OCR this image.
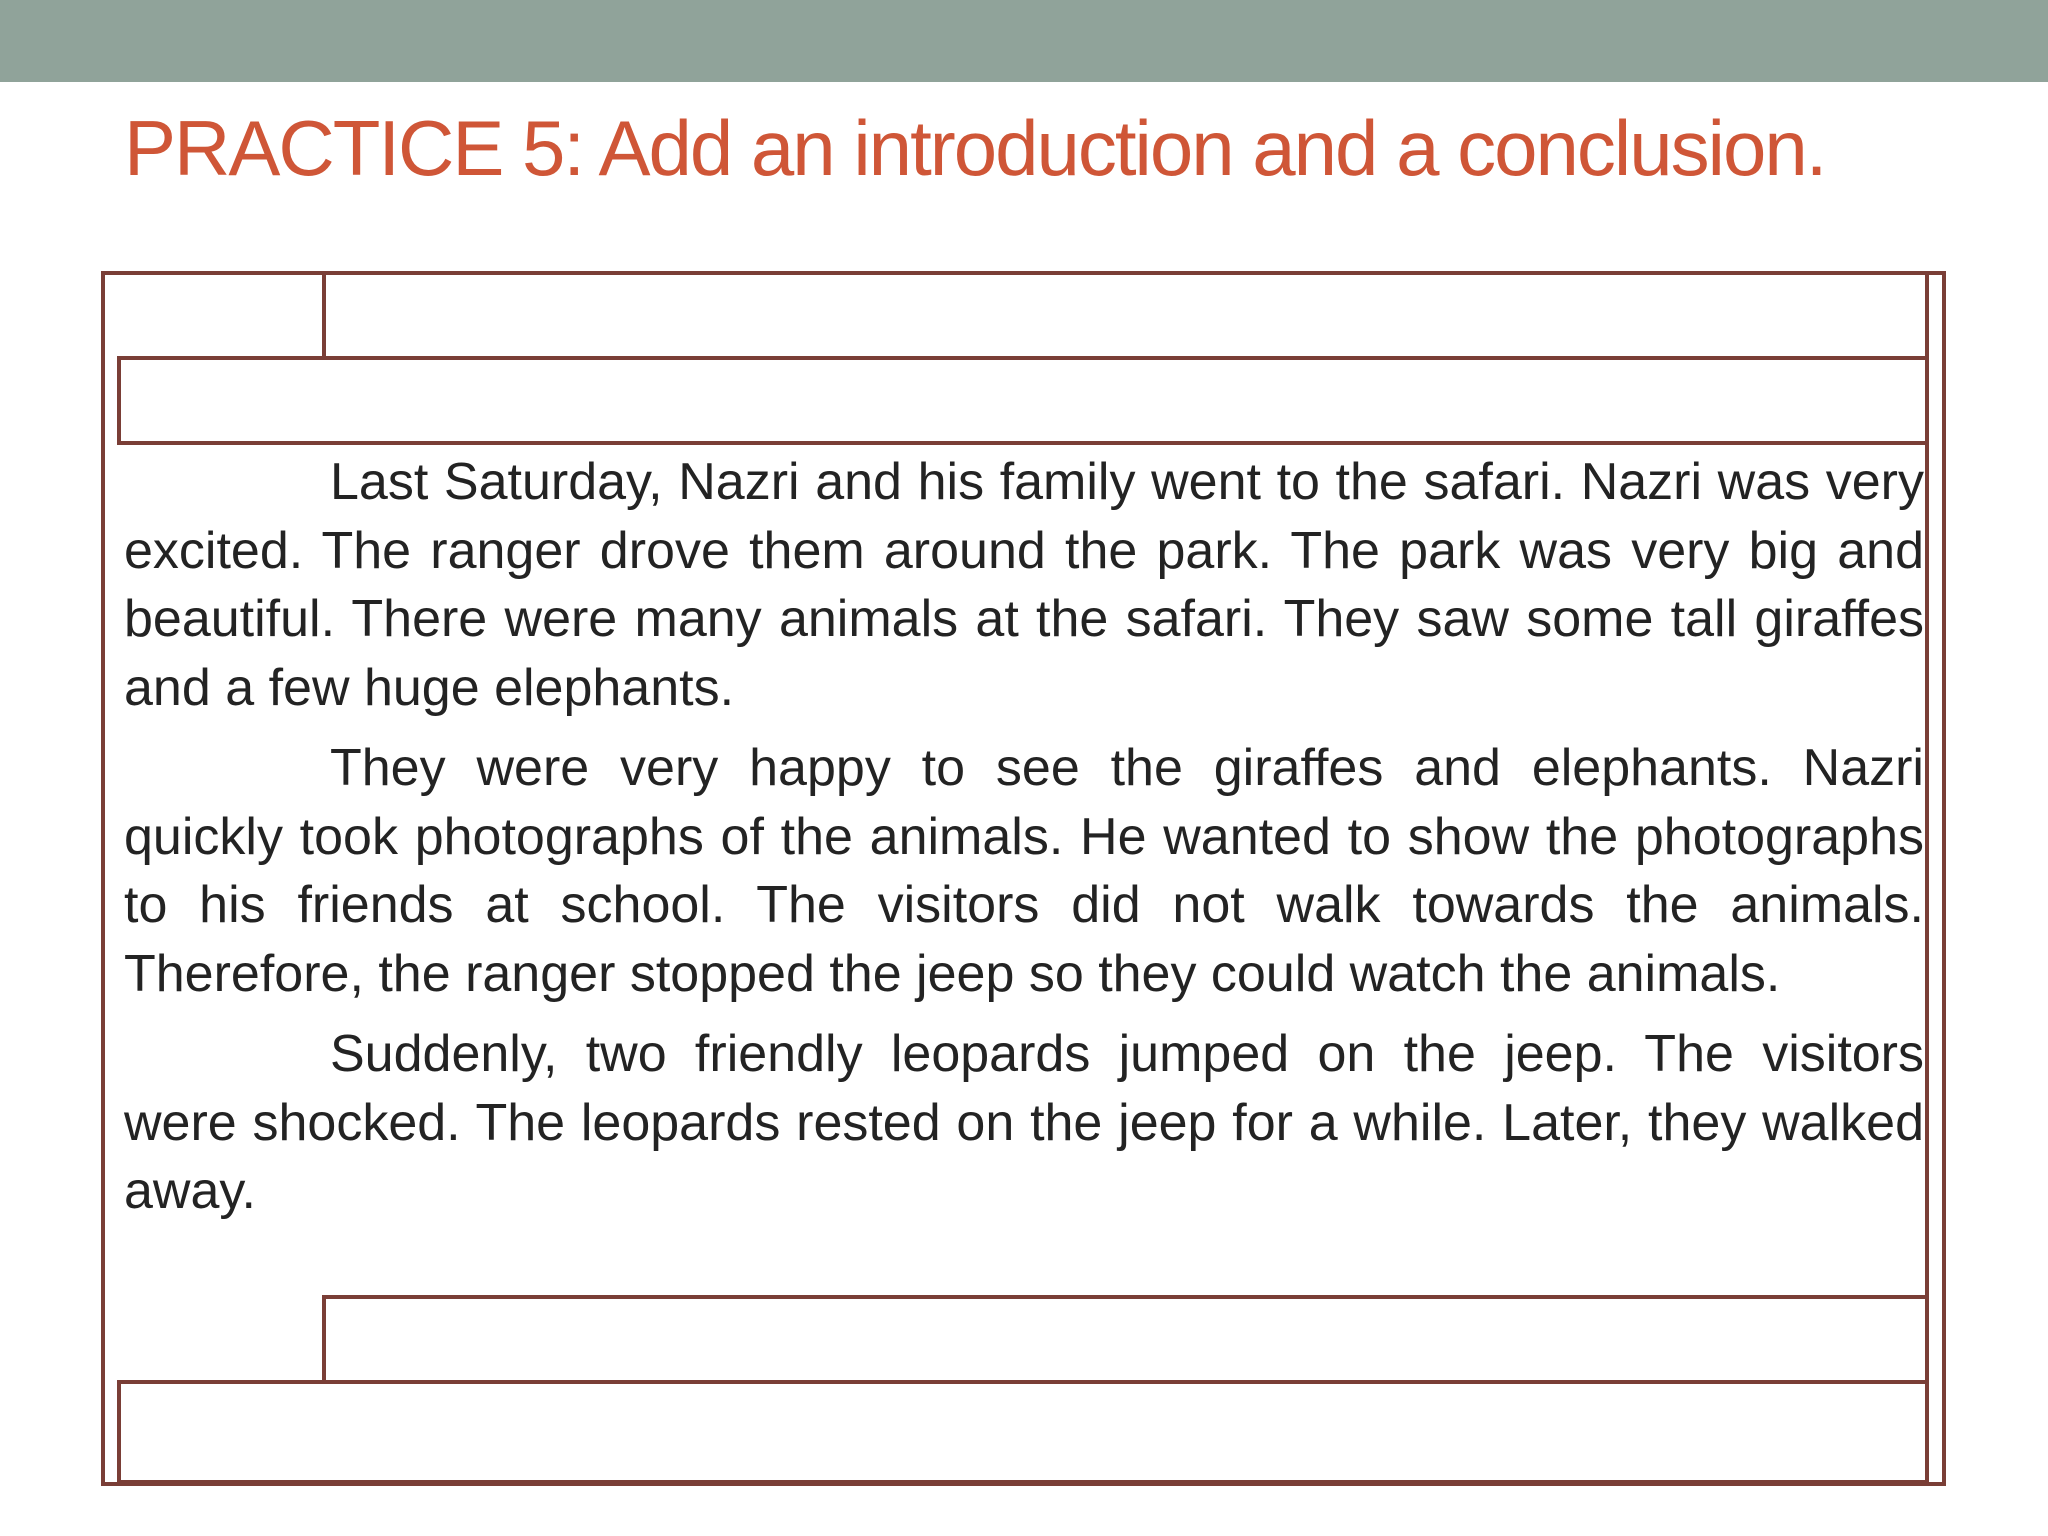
PRACTICE 5: Add an introduction and a conclusion.

Last Saturday, Nazri and his family went to the safari. Nazri was very excited. The ranger drove them around the park. The park was very big and beautiful. There were many animals at the safari. They saw some tall giraffes and a few huge elephants.

They were very happy to see the giraffes and elephants. Nazri quickly took photographs of the animals. He wanted to show the photographs to his friends at school. The visitors did not walk towards the animals. Therefore, the ranger stopped the jeep so they could watch the animals.

Suddenly, two friendly leopards jumped on the jeep. The visitors were shocked. The leopards rested on the jeep for a while. Later, they walked away.
